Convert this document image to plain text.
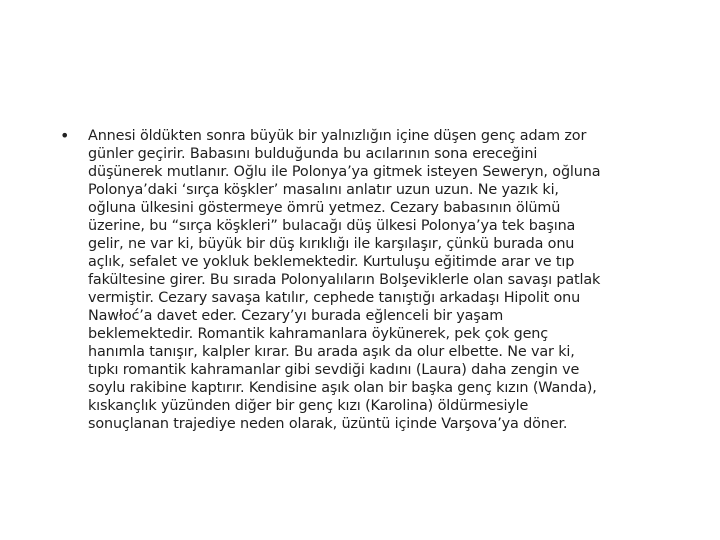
• Annesi öldükten sonra büyük bir yalnızlığın içine düşen genç adam zor
günler geçirir. Babasını bulduğunda bu acılarının sona ereceğini
düşünerek mutlanır. Oğlu ile Polonya’ya gitmek isteyen Seweryn, oğluna
Polonya’daki ‘sırça köşkler’ masalını anlatır uzun uzun. Ne yazık ki,
oğluna ülkesini göstermeye ömrü yetmez. Cezary babasının ölümü
üzerine, bu “sırça köşkleri” bulacağı düş ülkesi Polonya’ya tek başına
gelir, ne var ki, büyük bir düş kırıklığı ile karşılaşır, çünkü burada onu
açlık, sefalet ve yokluk beklemektedir. Kurtuluşu eğitimde arar ve tıp
fakültesine girer. Bu sırada Polonyalıların Bolşeviklerle olan savaşı patlak
vermiştir. Cezary savaşa katılır, cephede tanıştığı arkadaşı Hipolit onu
Nawłoć’a davet eder. Cezary’yı burada eğlenceli bir yaşam
beklemektedir. Romantik kahramanlara öykünerek, pek çok genç
hanımla tanışır, kalpler kırar. Bu arada aşık da olur elbette. Ne var ki,
tıpkı romantik kahramanlar gibi sevdiği kadını (Laura) daha zengin ve
soylu rakibine kaptırır. Kendisine aşık olan bir başka genç kızın (Wanda),
kıskançlık yüzünden diğer bir genç kızı (Karolina) öldürmesiyle
sonuçlanan trajediye neden olarak, üzüntü içinde Varşova’ya döner.
